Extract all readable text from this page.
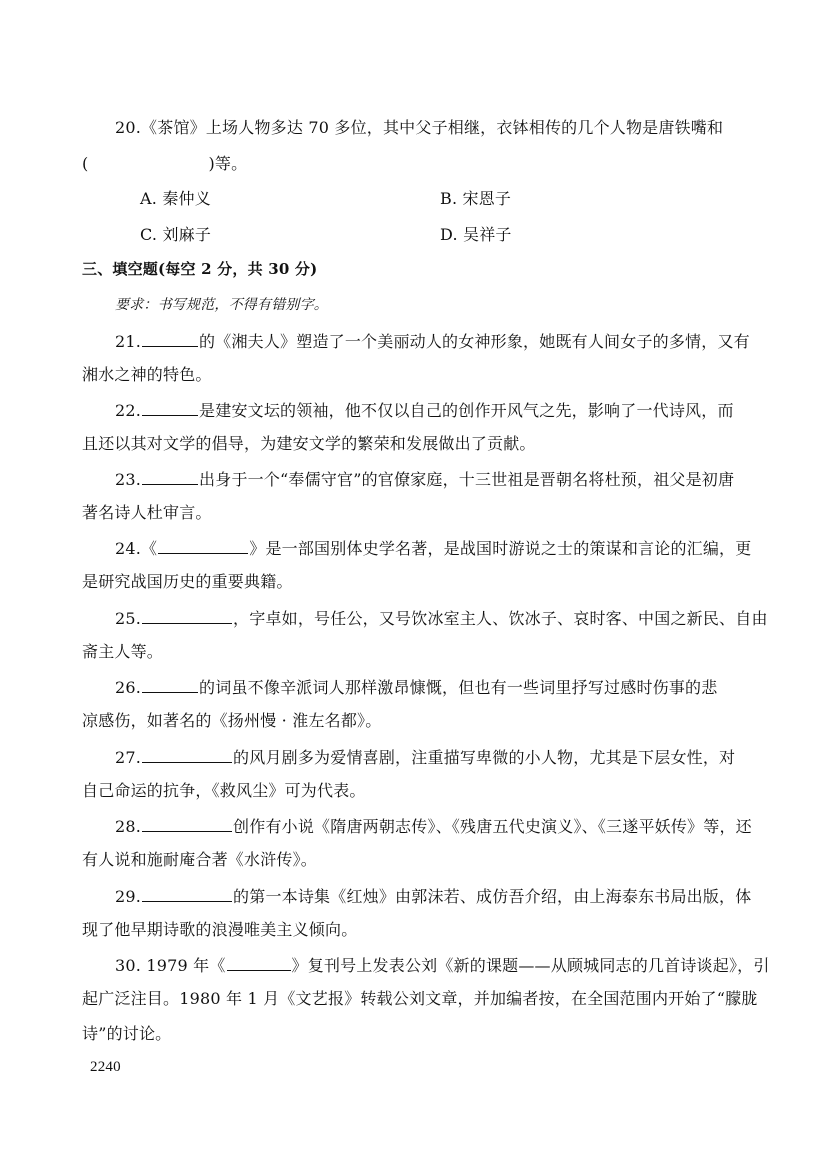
20.《茶馆》上场人物多达 70 多位，其中父子相继，衣钵相传的几个人物是唐铁嘴和
(	)等。
A. 秦仲义	B. 宋恩子
C. 刘麻子	D. 吴祥子
三、填空题(每空 2 分，共 30 分)
要求：书写规范，不得有错别字。
21.	的《湘夫人》塑造了一个美丽动人的女神形象，她既有人间女子的多情，又有
湘水之神的特色。
22.	是建安文坛的领袖，他不仅以自己的创作开风气之先，影响了一代诗风，而
且还以其对文学的倡导，为建安文学的繁荣和发展做出了贡献。
23.	出身于一个“奉儒守官”的官僚家庭，十三世祖是晋朝名将杜预，祖父是初唐
著名诗人杜审言。
24.《	》是一部国别体史学名著，是战国时游说之士的策谋和言论的汇编，更
是研究战国历史的重要典籍。
25.	，字卓如，号任公，又号饮冰室主人、饮冰子、哀时客、中国之新民、自由
斋主人等。
26.	的词虽不像辛派词人那样激昂慷慨，但也有一些词里抒写过感时伤事的悲
凉感伤，如著名的《扬州慢 · 淮左名都》。
27.	的风月剧多为爱情喜剧，注重描写卑微的小人物，尤其是下层女性，对
自己命运的抗争，《救风尘》可为代表。
28.	创作有小说《隋唐两朝志传》、《残唐五代史演义》、《三遂平妖传》等，还
有人说和施耐庵合著《水浒传》。
29.	的第一本诗集《红烛》由郭沫若、成仿吾介绍，由上海泰东书局出版，体
现了他早期诗歌的浪漫唯美主义倾向。
30. 1979 年《	》复刊号上发表公刘《新的课题——从顾城同志的几首诗谈起》，引
起广泛注目。1980 年 1 月《文艺报》转载公刘文章，并加编者按，在全国范围内开始了“朦胧
诗”的讨论。
2240
